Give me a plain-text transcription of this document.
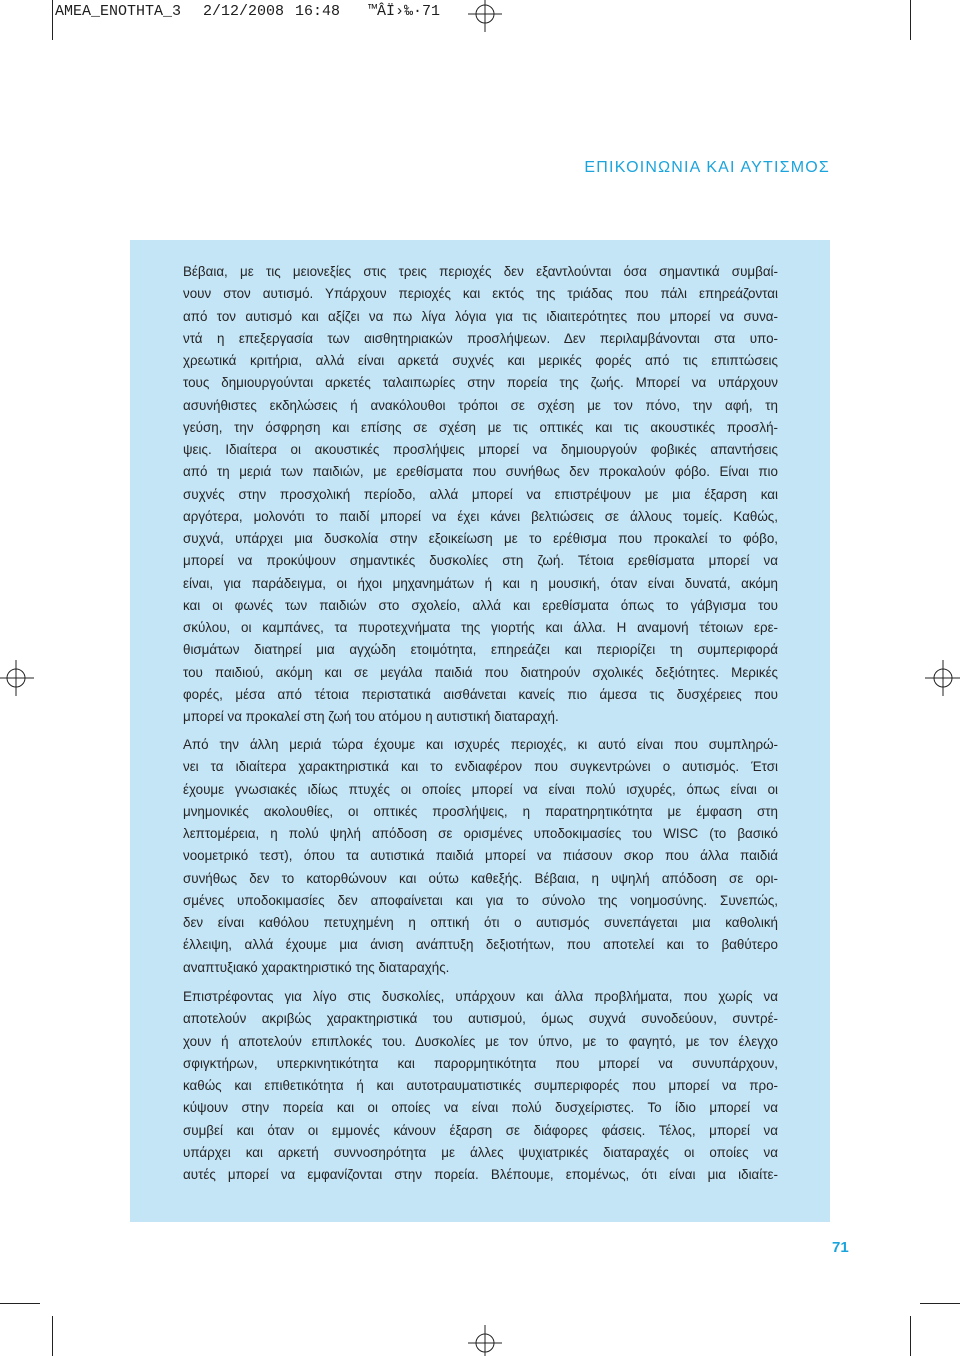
AMEA_ENOTHTA_3 2/12/2008 16:48 ™ÂÏ›‰·71
ΕΠΙΚΟΙΝΩΝΙΑ ΚΑΙ ΑΥΤΙΣΜΟΣ
Βέβαια, με τις μειονεξίες στις τρεις περιοχές δεν εξαντλούνται όσα σημαντικά συμβαί-
νουν στον αυτισμό. Υπάρχουν περιοχές και εκτός της τριάδας που πάλι επηρεάζονται
από τον αυτισμό και αξίζει να πω λίγα λόγια για τις ιδιαιτερότητες που μπορεί να συνα-
ντά η επεξεργασία των αισθητηριακών προσλήψεων. Δεν περιλαμβάνονται στα υπο-
χρεωτικά κριτήρια, αλλά είναι αρκετά συχνές και μερικές φορές από τις επιπτώσεις
τους δημιουργούνται αρκετές ταλαιπωρίες στην πορεία της ζωής. Μπορεί να υπάρχουν
ασυνήθιστες εκδηλώσεις ή ανακόλουθοι τρόποι σε σχέση με τον πόνο, την αφή, τη
γεύση, την όσφρηση και επίσης σε σχέση με τις οπτικές και τις ακουστικές προσλή-
ψεις. Ιδιαίτερα οι ακουστικές προσλήψεις μπορεί να δημιουργούν φοβικές απαντήσεις
από τη μεριά των παιδιών, με ερεθίσματα που συνήθως δεν προκαλούν φόβο. Είναι πιο
συχνές στην προσχολική περίοδο, αλλά μπορεί να επιστρέψουν με μια έξαρση και
αργότερα, μολονότι το παιδί μπορεί να έχει κάνει βελτιώσεις σε άλλους τομείς. Καθώς,
συχνά, υπάρχει μια δυσκολία στην εξοικείωση με το ερέθισμα που προκαλεί το φόβο,
μπορεί να προκύψουν σημαντικές δυσκολίες στη ζωή. Τέτοια ερεθίσματα μπορεί να
είναι, για παράδειγμα, οι ήχοι μηχανημάτων ή και η μουσική, όταν είναι δυνατά, ακόμη
και οι φωνές των παιδιών στο σχολείο, αλλά και ερεθίσματα όπως το γάβγισμα του
σκύλου, οι καμπάνες, τα πυροτεχνήματα της γιορτής και άλλα. Η αναμονή τέτοιων ερε-
θισμάτων διατηρεί μια αγχώδη ετοιμότητα, επηρεάζει και περιορίζει τη συμπεριφορά
του παιδιού, ακόμη και σε μεγάλα παιδιά που διατηρούν σχολικές δεξιότητες. Μερικές
φορές, μέσα από τέτοια περιστατικά αισθάνεται κανείς πιο άμεσα τις δυσχέρειες που
μπορεί να προκαλεί στη ζωή του ατόμου η αυτιστική διαταραχή.
Από την άλλη μεριά τώρα έχουμε και ισχυρές περιοχές, κι αυτό είναι που συμπληρώ-
νει τα ιδιαίτερα χαρακτηριστικά και το ενδιαφέρον που συγκεντρώνει ο αυτισμός. Έτσι
έχουμε γνωσιακές ιδίως πτυχές οι οποίες μπορεί να είναι πολύ ισχυρές, όπως είναι οι
μνημονικές ακολουθίες, οι οπτικές προσλήψεις, η παρατηρητικότητα με έμφαση στη
λεπτομέρεια, η πολύ ψηλή απόδοση σε ορισμένες υποδοκιμασίες του WISC (το βασικό
νοομετρικό τεστ), όπου τα αυτιστικά παιδιά μπορεί να πιάσουν σκορ που άλλα παιδιά
συνήθως δεν το κατορθώνουν και ούτω καθεξής. Βέβαια, η υψηλή απόδοση σε ορι-
σμένες υποδοκιμασίες δεν αποφαίνεται και για το σύνολο της νοημοσύνης. Συνεπώς,
δεν είναι καθόλου πετυχημένη η οπτική ότι ο αυτισμός συνεπάγεται μια καθολική
έλλειψη, αλλά έχουμε μια άνιση ανάπτυξη δεξιοτήτων, που αποτελεί και το βαθύτερο
αναπτυξιακό χαρακτηριστικό της διαταραχής.
Επιστρέφοντας για λίγο στις δυσκολίες, υπάρχουν και άλλα προβλήματα, που χωρίς να
αποτελούν ακριβώς χαρακτηριστικά του αυτισμού, όμως συχνά συνοδεύουν, συντρέ-
χουν ή αποτελούν επιπλοκές του. Δυσκολίες με τον ύπνο, με το φαγητό, με τον έλεγχο
σφιγκτήρων, υπερκινητικότητα και παρορμητικότητα που μπορεί να συνυπάρχουν,
καθώς και επιθετικότητα ή και αυτοτραυματιστικές συμπεριφορές που μπορεί να προ-
κύψουν στην πορεία και οι οποίες να είναι πολύ δυσχείριστες. Το ίδιο μπορεί να
συμβεί και όταν οι εμμονές κάνουν έξαρση σε διάφορες φάσεις. Τέλος, μπορεί να
υπάρχει και αρκετή συννοσηρότητα με άλλες ψυχιατρικές διαταραχές οι οποίες να
αυτές μπορεί να εμφανίζονται στην πορεία. Βλέπουμε, επομένως, ότι είναι μια ιδιαίτε-
71
